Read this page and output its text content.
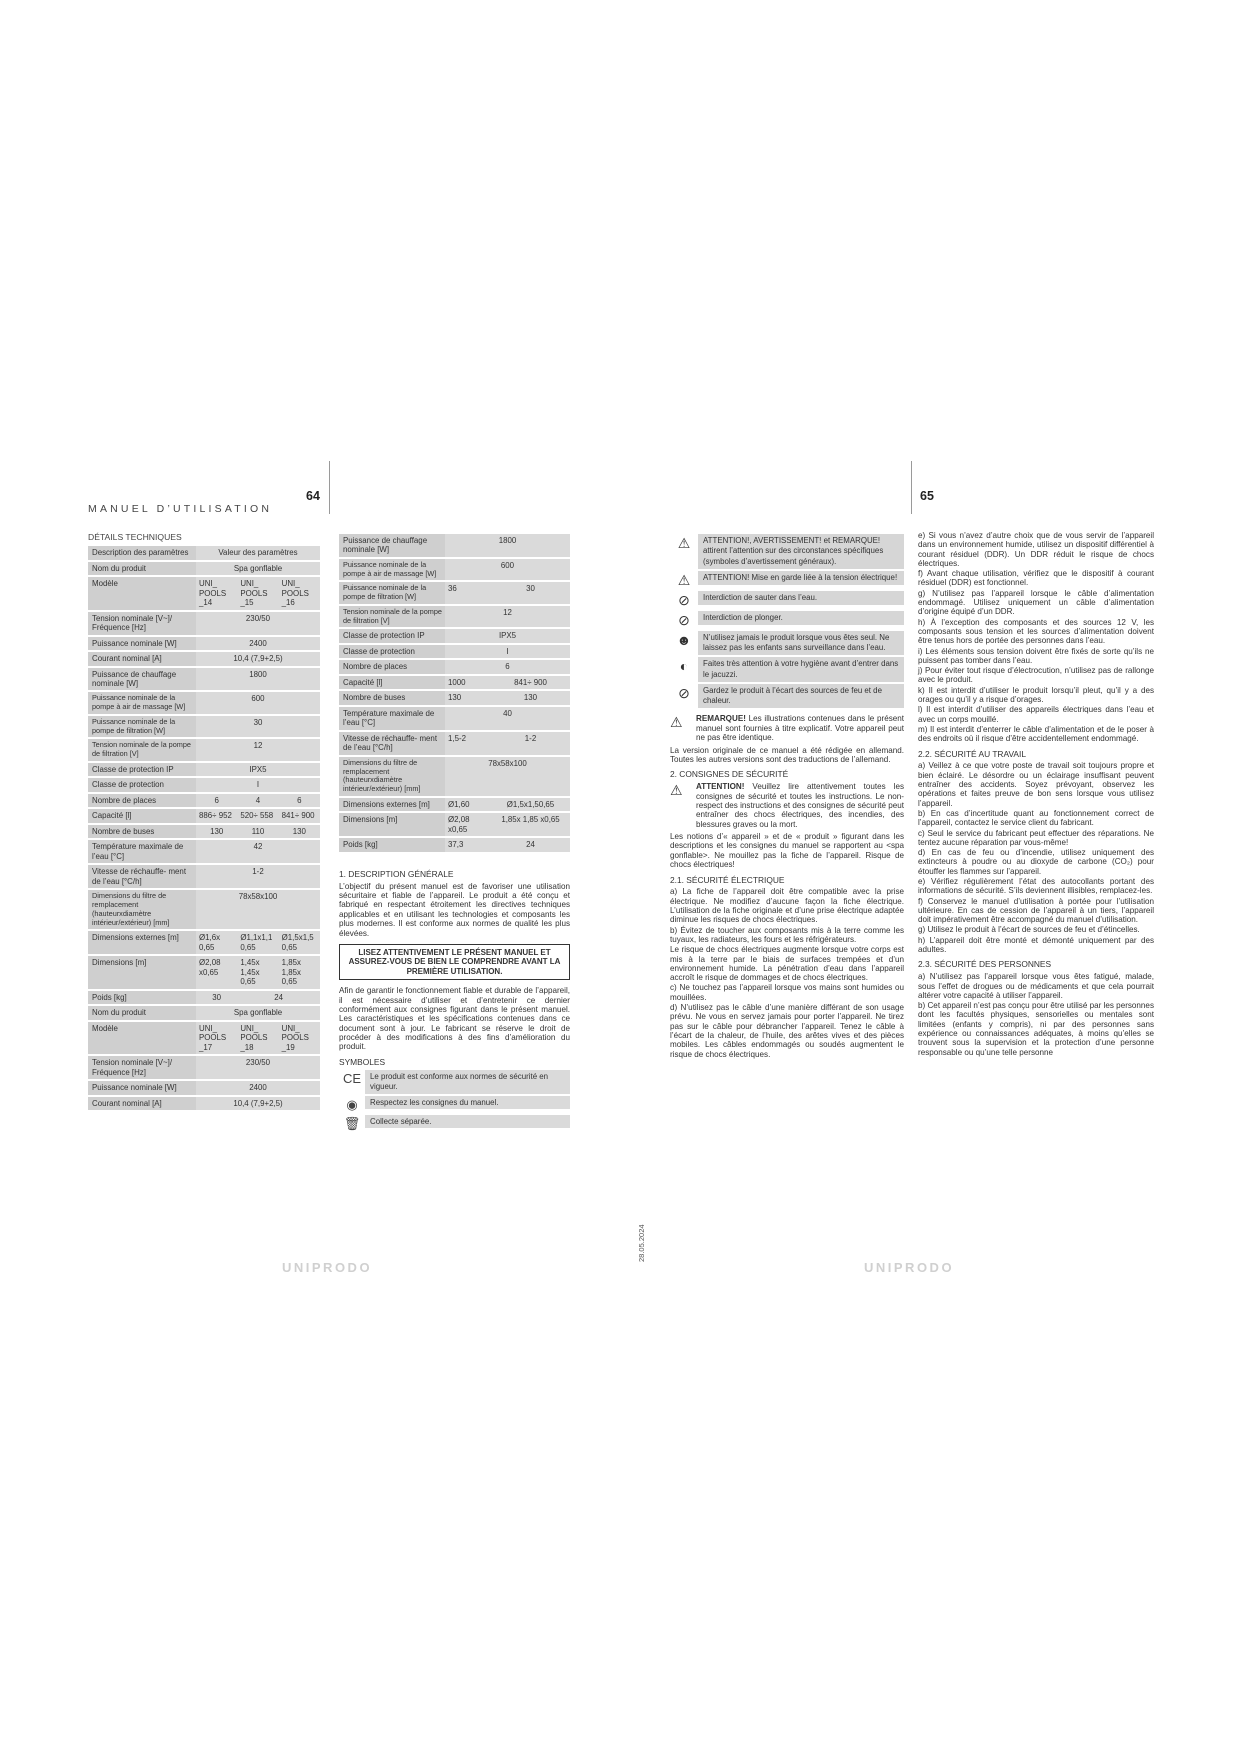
MANUEL D’UTILISATION
64
DÉTAILS TECHNIQUES
Description des paramètres	Valeur des paramètres		
Nom du produit	Spa gonflable		
Modèle	UNI_ POOLS _14	UNI_ POOLS _15	UNI_ POOLS _16
Tension nominale [V~]/ Fréquence [Hz]	230/50		
Puissance nominale [W]	2400		
Courant nominal [A]	10,4 (7,9+2,5)		
Puissance de chauffage nominale [W]	1800		
Puissance nominale de la pompe à air de massage [W]	600		
Puissance nominale de la pompe de filtration [W]	30		
Tension nominale de la pompe de filtration [V]	12		
Classe de protection IP	IPX5		
Classe de protection	I		
Nombre de places	6	4	6
Capacité [l]	886÷ 952	520÷ 558	841÷ 900
Nombre de buses	130	110	130
Température maximale de l’eau [°C]	42		
Vitesse de réchauffe- ment de l’eau [°C/h]	1-2		
Dimensions du filtre de remplacement (hauteurxdiamètre intérieur/extérieur) [mm]	78x58x100		
Dimensions externes [m]	Ø1,6x 0,65	Ø1,1x1,1 0,65	Ø1,5x1,5 0,65
Dimensions [m]	Ø2,08 x0,65	1,45x 1,45x 0,65	1,85x 1,85x 0,65
Poids [kg]	30	24	
Nom du produit	Spa gonflable		
Modèle	UNI_ POOLS _17	UNI_ POOLS _18	UNI_ POOLS _19
Tension nominale [V~]/ Fréquence [Hz]	230/50		
Puissance nominale [W]	2400		
Courant nominal [A]	10,4 (7,9+2,5)		
Puissance de chauffage nominale [W]	1800	
Puissance nominale de la pompe à air de massage [W]	600	
Puissance nominale de la pompe de filtration [W]	36	30
Tension nominale de la pompe de filtration [V]	12	
Classe de protection IP	IPX5	
Classe de protection	I	
Nombre de places	6	
Capacité [l]	1000	841÷ 900
Nombre de buses	130	130
Température maximale de l’eau [°C]	40	
Vitesse de réchauffe- ment de l’eau [°C/h]	1,5-2	1-2
Dimensions du filtre de remplacement (hauteurxdiamètre intérieur/extérieur) [mm]	78x58x100	
Dimensions externes [m]	Ø1,60	Ø1,5x1,50,65
Dimensions [m]	Ø2,08 x0,65	1,85x 1,85 x0,65
Poids [kg]	37,3	24
1. DESCRIPTION GÉNÉRALE
L’objectif du présent manuel est de favoriser une utilisation sécuritaire et fiable de l’appareil. Le produit a été conçu et fabriqué en respectant étroitement les directives techniques applicables et en utilisant les technologies et composants les plus modernes. Il est conforme aux normes de qualité les plus élevées.
LISEZ ATTENTIVEMENT LE PRÉSENT MANUEL ET ASSUREZ-VOUS DE BIEN LE COMPRENDRE AVANT LA PREMIÈRE UTILISATION.
Afin de garantir le fonctionnement fiable et durable de l’appareil, il est nécessaire d’utiliser et d’entretenir ce dernier conformément aux consignes figurant dans le présent manuel. Les caractéristiques et les spécifications contenues dans ce document sont à jour. Le fabricant se réserve le droit de procéder à des modifications à des fins d’amélioration du produit.
SYMBOLES
CE	Le produit est conforme aux normes de sécurité en vigueur.
◉	Respectez les consignes du manuel.
🗑	Collecte séparée.
UNIPRODO
65
28.05.2024
⚠	ATTENTION!, AVERTISSEMENT! et REMARQUE! attirent l’attention sur des circonstances spécifiques (symboles d’avertissement généraux).
⚠	ATTENTION! Mise en garde liée à la tension électrique!
⊘	Interdiction de sauter dans l’eau.
⊘	Interdiction de plonger.
☻	N’utilisez jamais le produit lorsque vous êtes seul. Ne laissez pas les enfants sans surveillance dans l’eau.
◐	Faites très attention à votre hygiène avant d’entrer dans le jacuzzi.
⊘	Gardez le produit à l’écart des sources de feu et de chaleur.
⚠	REMARQUE! Les illustrations contenues dans le présent manuel sont fournies à titre explicatif. Votre appareil peut ne pas être identique.
La version originale de ce manuel a été rédigée en allemand. Toutes les autres versions sont des traductions de l’allemand.
2. CONSIGNES DE SÉCURITÉ
⚠	ATTENTION! Veuillez lire attentivement toutes les consignes de sécurité et toutes les instructions. Le non-respect des instructions et des consignes de sécurité peut entraîner des chocs électriques, des incendies, des blessures graves ou la mort.
Les notions d’« appareil » et de « produit » figurant dans les descriptions et les consignes du manuel se rapportent au <spa gonflable>. Ne mouillez pas la fiche de l’appareil. Risque de chocs électriques!
2.1. SÉCURITÉ ÉLECTRIQUE
a) La fiche de l’appareil doit être compatible avec la prise électrique. Ne modifiez d’aucune façon la fiche électrique. L’utilisation de la fiche originale et d’une prise électrique adaptée diminue les risques de chocs électriques.
b) Évitez de toucher aux composants mis à la terre comme les tuyaux, les radiateurs, les fours et les réfrigérateurs.
Le risque de chocs électriques augmente lorsque votre corps est mis à la terre par le biais de surfaces trempées et d’un environnement humide. La pénétration d’eau dans l’appareil accroît le risque de dommages et de chocs électriques.
c) Ne touchez pas l’appareil lorsque vos mains sont humides ou mouillées.
d) N’utilisez pas le câble d’une manière différant de son usage prévu. Ne vous en servez jamais pour porter l’appareil. Ne tirez pas sur le câble pour débrancher l’appareil. Tenez le câble à l’écart de la chaleur, de l’huile, des arêtes vives et des pièces mobiles. Les câbles endommagés ou soudés augmentent le risque de chocs électriques.
e) Si vous n’avez d’autre choix que de vous servir de l’appareil dans un environnement humide, utilisez un dispositif différentiel à courant résiduel (DDR). Un DDR réduit le risque de chocs électriques.
f) Avant chaque utilisation, vérifiez que le dispositif à courant résiduel (DDR) est fonctionnel.
g) N’utilisez pas l’appareil lorsque le câble d’alimentation endommagé. Utilisez uniquement un câble d’alimentation d’origine équipé d’un DDR.
h) À l’exception des composants et des sources 12 V, les composants sous tension et les sources d’alimentation doivent être tenus hors de portée des personnes dans l’eau.
i) Les éléments sous tension doivent être fixés de sorte qu’ils ne puissent pas tomber dans l’eau.
j) Pour éviter tout risque d’électrocution, n’utilisez pas de rallonge avec le produit.
k) Il est interdit d’utiliser le produit lorsqu’il pleut, qu’il y a des orages ou qu’il y a risque d’orages.
l) Il est interdit d’utiliser des appareils électriques dans l’eau et avec un corps mouillé.
m) Il est interdit d’enterrer le câble d’alimentation et de le poser à des endroits où il risque d’être accidentellement endommagé.
2.2. SÉCURITÉ AU TRAVAIL
a) Veillez à ce que votre poste de travail soit toujours propre et bien éclairé. Le désordre ou un éclairage insuffisant peuvent entraîner des accidents. Soyez prévoyant, observez les opérations et faites preuve de bon sens lorsque vous utilisez l’appareil.
b) En cas d’incertitude quant au fonctionnement correct de l’appareil, contactez le service client du fabricant.
c) Seul le service du fabricant peut effectuer des réparations. Ne tentez aucune réparation par vous-même!
d) En cas de feu ou d’incendie, utilisez uniquement des extincteurs à poudre ou au dioxyde de carbone (CO₂) pour étouffer les flammes sur l’appareil.
e) Vérifiez régulièrement l’état des autocollants portant des informations de sécurité. S’ils deviennent illisibles, remplacez-les.
f) Conservez le manuel d’utilisation à portée pour l’utilisation ultérieure. En cas de cession de l’appareil à un tiers, l’appareil doit impérativement être accompagné du manuel d’utilisation.
g) Utilisez le produit à l’écart de sources de feu et d’étincelles.
h) L’appareil doit être monté et démonté uniquement par des adultes.
2.3. SÉCURITÉ DES PERSONNES
a) N’utilisez pas l’appareil lorsque vous êtes fatigué, malade, sous l’effet de drogues ou de médicaments et que cela pourrait altérer votre capacité à utiliser l’appareil.
b) Cet appareil n’est pas conçu pour être utilisé par les personnes dont les facultés physiques, sensorielles ou mentales sont limitées (enfants y compris), ni par des personnes sans expérience ou connaissances adéquates, à moins qu’elles se trouvent sous la supervision et la protection d’une personne responsable ou qu’une telle personne
UNIPRODO
